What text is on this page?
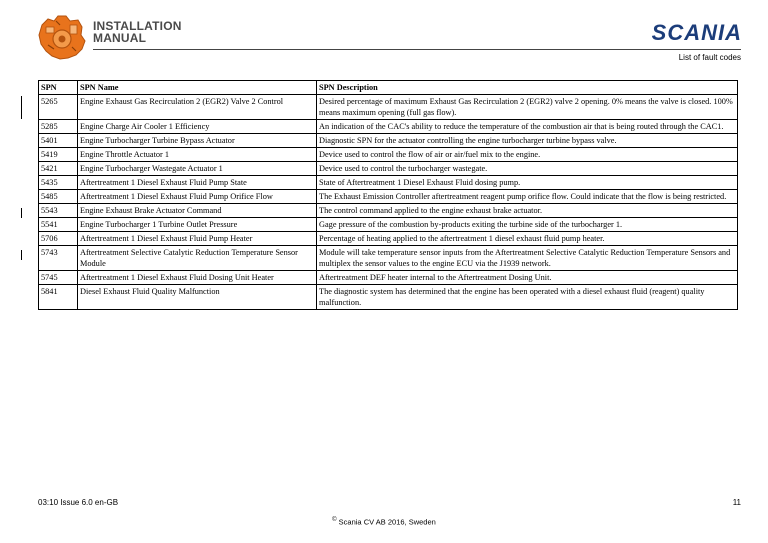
INSTALLATION
MANUAL	SCANIA
List of fault codes
SPN	SPN Name	SPN Description
5265	Engine Exhaust Gas Recirculation 2 (EGR2) Valve 2 Control	Desired percentage of maximum Exhaust Gas Recirculation 2 (EGR2) valve 2 opening. 0% means the valve is closed. 100% means maximum opening (full gas flow).
5285	Engine Charge Air Cooler 1 Efficiency	An indication of the CAC's ability to reduce the temperature of the combustion air that is being routed through the CAC1.
5401	Engine Turbocharger Turbine Bypass Actuator	Diagnostic SPN for the actuator controlling the engine turbocharger turbine bypass valve.
5419	Engine Throttle Actuator 1	Device used to control the flow of air or air/fuel mix to the engine.
5421	Engine Turbocharger Wastegate Actuator 1	Device used to control the turbocharger wastegate.
5435	Aftertreatment 1 Diesel Exhaust Fluid Pump State	State of Aftertreatment 1 Diesel Exhaust Fluid dosing pump.
5485	Aftertreatment 1 Diesel Exhaust Fluid Pump Orifice Flow	The Exhaust Emission Controller aftertreatment reagent pump orifice flow. Could indicate that the flow is being restricted.
5543	Engine Exhaust Brake Actuator Command	The control command applied to the engine exhaust brake actuator.
5541	Engine Turbocharger 1 Turbine Outlet Pressure	Gage pressure of the combustion by-products exiting the turbine side of the turbocharger 1.
5706	Aftertreatment 1 Diesel Exhaust Fluid Pump Heater	Percentage of heating applied to the aftertreatment 1 diesel exhaust fluid pump heater.
5743	Aftertreatment Selective Catalytic Reduction Temperature Sensor Module	Module will take temperature sensor inputs from the Aftertreatment Selective Catalytic Reduction Temperature Sensors and multiplex the sensor values to the engine ECU via the J1939 network.
5745	Aftertreatment 1 Diesel Exhaust Fluid Dosing Unit Heater	Aftertreatment DEF heater internal to the Aftertreatment Dosing Unit.
5841	Diesel Exhaust Fluid Quality Malfunction	The diagnostic system has determined that the engine has been operated with a diesel exhaust fluid (reagent) quality malfunction.
03:10 Issue 6.0 en-GB	11
© Scania CV AB 2016, Sweden
